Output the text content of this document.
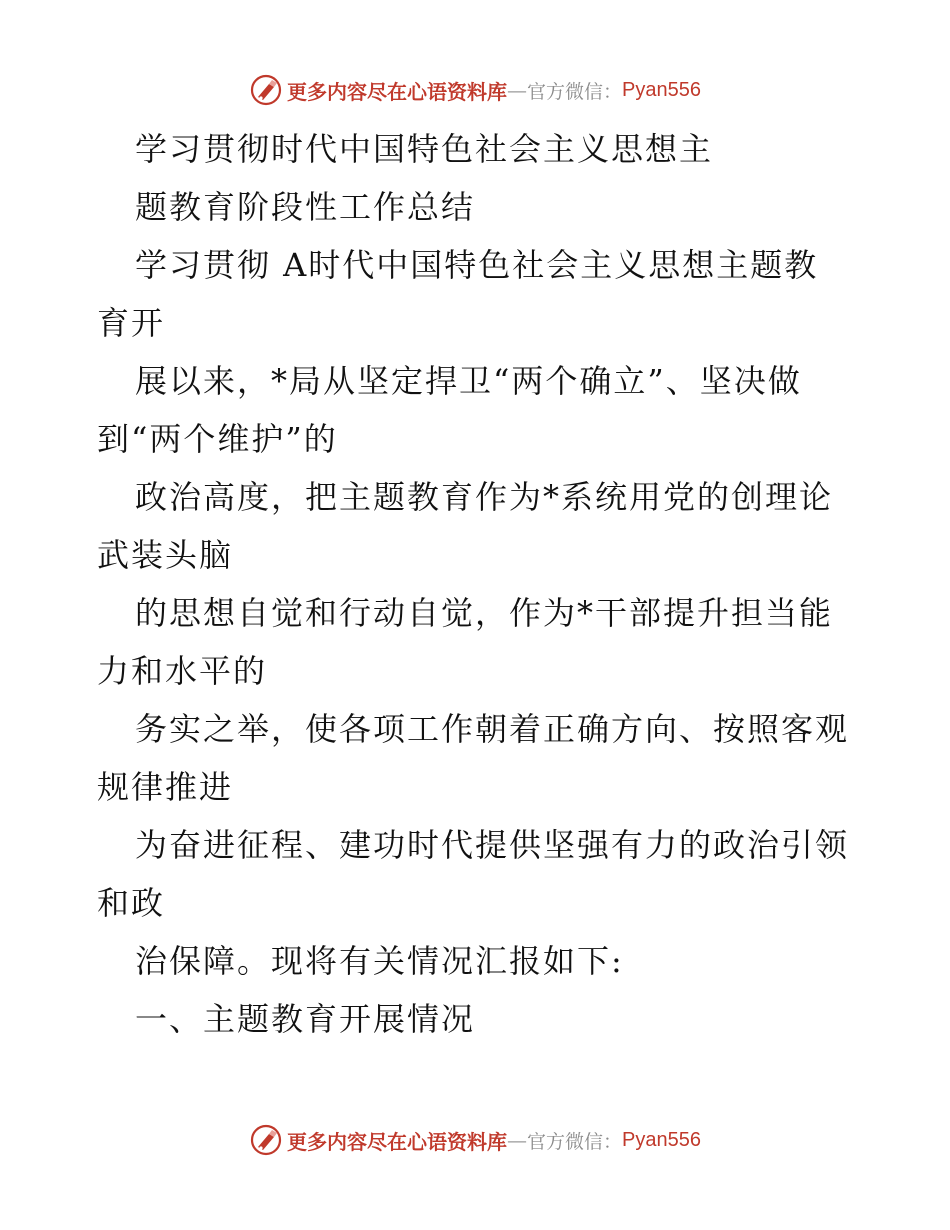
更多内容尽在心语资料库 — 官方微信： Pyan556
学习贯彻时代中国特色社会主义思想主
题教育阶段性工作总结
学习贯彻 A时代中国特色社会主义思想主题教
育开
展以来，*局从坚定捍卫“两个确立”、坚决做
到“两个维护”的
政治高度，把主题教育作为*系统用党的创理论
武装头脑
的思想自觉和行动自觉，作为*干部提升担当能
力和水平的
务实之举，使各项工作朝着正确方向、按照客观
规律推进
为奋进征程、建功时代提供坚强有力的政治引领
和政
治保障。现将有关情况汇报如下:
一、主题教育开展情况
更多内容尽在心语资料库 — 官方微信： Pyan556
